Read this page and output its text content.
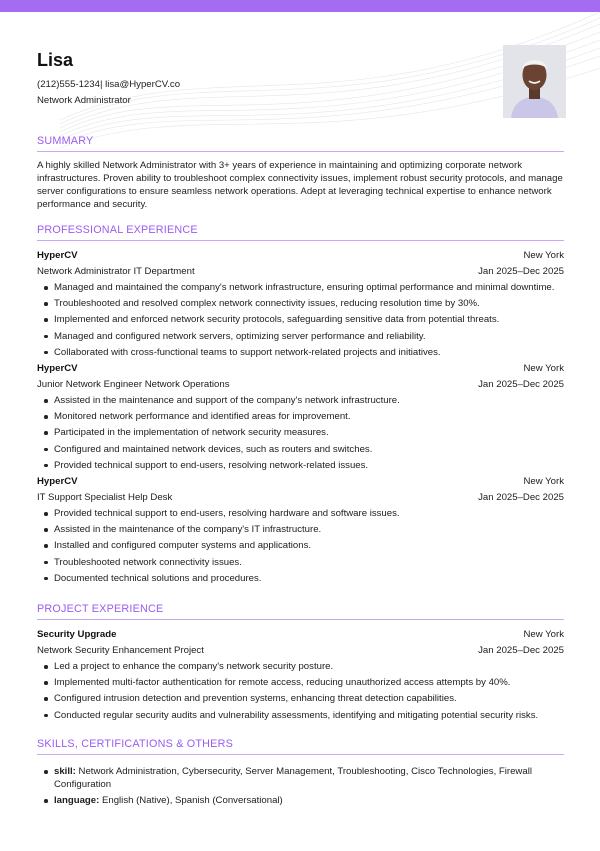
Lisa
(212)555-1234| lisa@HyperCV.co
Network Administrator
SUMMARY
A highly skilled Network Administrator with 3+ years of experience in maintaining and optimizing corporate network infrastructures. Proven ability to troubleshoot complex connectivity issues, implement robust security protocols, and manage server configurations to ensure seamless network operations. Adept at leveraging technical expertise to enhance network performance and security.
PROFESSIONAL EXPERIENCE
HyperCV	New York
Network Administrator IT Department	Jan 2025–Dec 2025
Managed and maintained the company's network infrastructure, ensuring optimal performance and minimal downtime.
Troubleshooted and resolved complex network connectivity issues, reducing resolution time by 30%.
Implemented and enforced network security protocols, safeguarding sensitive data from potential threats.
Managed and configured network servers, optimizing server performance and reliability.
Collaborated with cross-functional teams to support network-related projects and initiatives.
HyperCV	New York
Junior Network Engineer Network Operations	Jan 2025–Dec 2025
Assisted in the maintenance and support of the company's network infrastructure.
Monitored network performance and identified areas for improvement.
Participated in the implementation of network security measures.
Configured and maintained network devices, such as routers and switches.
Provided technical support to end-users, resolving network-related issues.
HyperCV	New York
IT Support Specialist Help Desk	Jan 2025–Dec 2025
Provided technical support to end-users, resolving hardware and software issues.
Assisted in the maintenance of the company's IT infrastructure.
Installed and configured computer systems and applications.
Troubleshooted network connectivity issues.
Documented technical solutions and procedures.
PROJECT EXPERIENCE
Security Upgrade	New York
Network Security Enhancement Project	Jan 2025–Dec 2025
Led a project to enhance the company's network security posture.
Implemented multi-factor authentication for remote access, reducing unauthorized access attempts by 40%.
Configured intrusion detection and prevention systems, enhancing threat detection capabilities.
Conducted regular security audits and vulnerability assessments, identifying and mitigating potential security risks.
SKILLS, CERTIFICATIONS & OTHERS
skill: Network Administration, Cybersecurity, Server Management, Troubleshooting, Cisco Technologies, Firewall Configuration
language: English (Native), Spanish (Conversational)
